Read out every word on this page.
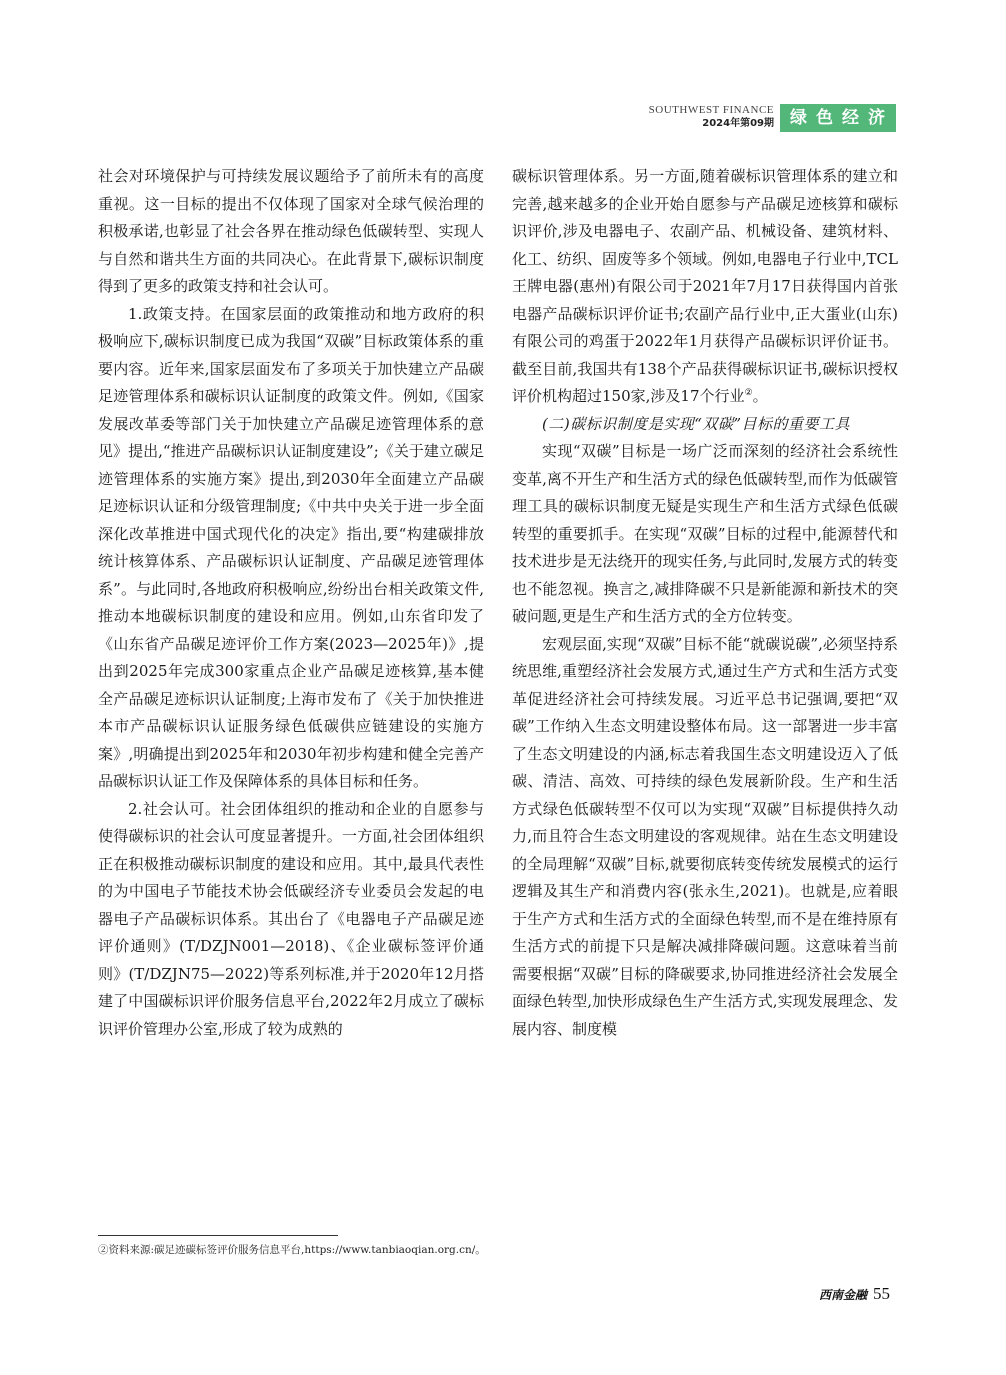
SOUTHWEST FINANCE
2024年第09期 绿色经济

社会对环境保护与可持续发展议题给予了前所未有的高度重视。这一目标的提出不仅体现了国家对全球气候治理的积极承诺,也彰显了社会各界在推动绿色低碳转型、实现人与自然和谐共生方面的共同决心。在此背景下,碳标识制度得到了更多的政策支持和社会认可。

1.政策支持。在国家层面的政策推动和地方政府的积极响应下,碳标识制度已成为我国“双碳”目标政策体系的重要内容。近年来,国家层面发布了多项关于加快建立产品碳足迹管理体系和碳标识认证制度的政策文件。例如,《国家发展改革委等部门关于加快建立产品碳足迹管理体系的意见》提出,“推进产品碳标识认证制度建设”;《关于建立碳足迹管理体系的实施方案》提出,到2030年全面建立产品碳足迹标识认证和分级管理制度;《中共中央关于进一步全面深化改革推进中国式现代化的决定》指出,要“构建碳排放统计核算体系、产品碳标识认证制度、产品碳足迹管理体系”。与此同时,各地政府积极响应,纷纷出台相关政策文件,推动本地碳标识制度的建设和应用。例如,山东省印发了《山东省产品碳足迹评价工作方案(2023—2025年)》,提出到2025年完成300家重点企业产品碳足迹核算,基本健全产品碳足迹标识认证制度;上海市发布了《关于加快推进本市产品碳标识认证服务绿色低碳供应链建设的实施方案》,明确提出到2025年和2030年初步构建和健全完善产品碳标识认证工作及保障体系的具体目标和任务。

2.社会认可。社会团体组织的推动和企业的自愿参与使得碳标识的社会认可度显著提升。一方面,社会团体组织正在积极推动碳标识制度的建设和应用。其中,最具代表性的为中国电子节能技术协会低碳经济专业委员会发起的电器电子产品碳标识体系。其出台了《电器电子产品碳足迹评价通则》(T/DZJN001—2018)、《企业碳标签评价通则》(T/DZJN75—2022)等系列标准,并于2020年12月搭建了中国碳标识评价服务信息平台,2022年2月成立了碳标识评价管理办公室,形成了较为成熟的

碳标识管理体系。另一方面,随着碳标识管理体系的建立和完善,越来越多的企业开始自愿参与产品碳足迹核算和碳标识评价,涉及电器电子、农副产品、机械设备、建筑材料、化工、纺织、固废等多个领域。例如,电器电子行业中,TCL王牌电器(惠州)有限公司于2021年7月17日获得国内首张电器产品碳标识评价证书;农副产品行业中,正大蛋业(山东)有限公司的鸡蛋于2022年1月获得产品碳标识评价证书。截至目前,我国共有138个产品获得碳标识证书,碳标识授权评价机构超过150家,涉及17个行业②。

(二)碳标识制度是实现“双碳”目标的重要工具

实现“双碳”目标是一场广泛而深刻的经济社会系统性变革,离不开生产和生活方式的绿色低碳转型,而作为低碳管理工具的碳标识制度无疑是实现生产和生活方式绿色低碳转型的重要抓手。在实现“双碳”目标的过程中,能源替代和技术进步是无法绕开的现实任务,与此同时,发展方式的转变也不能忽视。换言之,减排降碳不只是新能源和新技术的突破问题,更是生产和生活方式的全方位转变。

宏观层面,实现“双碳”目标不能“就碳说碳”,必须坚持系统思维,重塑经济社会发展方式,通过生产方式和生活方式变革促进经济社会可持续发展。习近平总书记强调,要把“双碳”工作纳入生态文明建设整体布局。这一部署进一步丰富了生态文明建设的内涵,标志着我国生态文明建设迈入了低碳、清洁、高效、可持续的绿色发展新阶段。生产和生活方式绿色低碳转型不仅可以为实现“双碳”目标提供持久动力,而且符合生态文明建设的客观规律。站在生态文明建设的全局理解“双碳”目标,就要彻底转变传统发展模式的运行逻辑及其生产和消费内容(张永生,2021)。也就是,应着眼于生产方式和生活方式的全面绿色转型,而不是在维持原有生活方式的前提下只是解决减排降碳问题。这意味着当前需要根据“双碳”目标的降碳要求,协同推进经济社会发展全面绿色转型,加快形成绿色生产生活方式,实现发展理念、发展内容、制度模

②资料来源:碳足迹碳标签评价服务信息平台,https://www.tanbiaoqian.org.cn/。
西南金融 55
